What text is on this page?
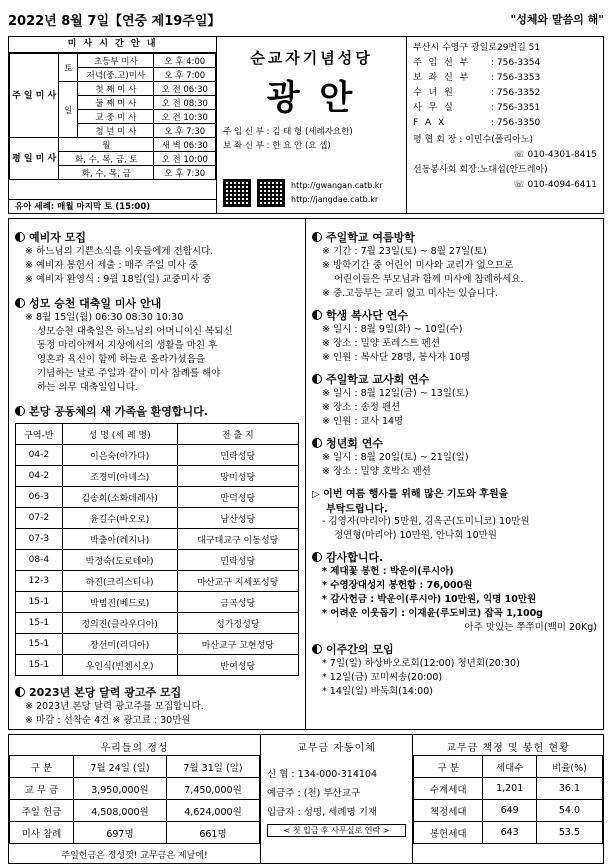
2022년 8월 7일【연중 제19주일】	"성체와 말씀의 해"
미 사 시 간 안 내
주 일 미 사	토	초등부 미사	오 후 4:00
		저녁(중.고)미사	오 후 7:00
	일	첫 째 미 사	오 전 06:30
		둘 째 미 사	오 전 08:30
		교 중 미 사	오 전 10:30
		청 년 미 사	오 후 7:30
평 일 미 사	월		새 벽 06:30
	화, 수, 목, 금, 토		오 전 10:00
	화, 수, 목, 금		오 후 7:30
유아 세례: 매월 마지막 토 (15:00)
순교자기념성당
광 안
주 임 신 부 : 김 태 형 (세례자요한)
보 좌 신 부 : 한 요 안 (요 셉)
http://gwangan.catb.kr
http://jangdae.catb.kr
부산시 수영구 광일로29번길 51
주 임 신 부	: 756-3354
보 좌 신 부	: 756-3353
수 녀 원	: 756-3352
사 무 실	: 756-3351
F A X	: 756-3350
평 협 회 장 : 이민수(폴리아노)
☏ 010-4301-8415
선동봉사회 회장:노대섭(안드레아)
☏ 010-4094-6411
예비자 모집
※ 하느님의 기쁜소식을 이웃들에게 전합시다.
※ 예비자 봉헌서 제출 : 매주 주일 미사 중
※ 예비자 환영식 : 9월 18일(일) 교중미사 중
성모 승천 대축일 미사 안내
※ 8월 15일(월) 06:30 08:30 10:30
성모승천 대축일은 하느님의 어머니이신 복되신
동정 마리아께서 지상에서의 생활을 마친 후
영혼과 육신이 함께 하늘로 올라가셨음을
기념하는 날로 주일과 같이 미사 참례를 해야
하는 의무 대축일입니다.
본당 공동체의 새 가족을 환영합니다.
구역-반	성 명 (세 례 명)	전 출 지
04-2	이은숙(아가다)	민락성당
04-2	조경미(아녜스)	망미성당
06-3	김송희(소화데레사)	만덕성당
07-2	윤길수(바오로)	남산성당
07-3	박출아(레지나)	대구대교구 이동성당
08-4	박정숙(도로테아)	민락성당
12-3	하진(크리스티나)	마산교구 지세포성당
15-1	박범진(베드로)	금곡성당
15-1	정의진(클라우디아)	성가정성당
15-1	장선미(리디아)	마산교구 고현성당
15-1	우인식(빈첸시오)	반여성당
2023년 본당 달력 광고주 모집
※ 2023년 본당 달력 광고주를 모집합니다.
※ 마감 : 선착순 4건 ※ 광고료 : 30만원
주일학교 여름방학
※ 기간 : 7월 23일(토) ~ 8월 27일(토)
※ 방학기간 중 어린이 미사와 교리가 없으므로
어린이들은 부모님과 함께 미사에 참례하세요.
※ 중.고등부는 교리 없고 미사는 있습니다.
학생 복사단 연수
※ 일시 : 8월 9일(화) ~ 10일(수)
※ 장소 : 밀양 포레스트 펜션
※ 인원 : 복사단 28명, 봉사자 10명
주일학교 교사회 연수
※ 일시 : 8월 12일(금) ~ 13일(토)
※ 장소 : 송정 펜션
※ 인원 : 교사 14명
청년회 연수
※ 일시 : 8월 20일(토) ~ 21일(일)
※ 장소 : 밀양 호박소 펜션
▷ 이번 여름 행사를 위해 많은 기도와 후원을
부탁드립니다.
- 김영자(마리아) 5만원, 김옥곤(도미니코) 10만원
정연형(마리아) 10만원, 안나회 10만원
감사합니다.
* 제대꽃 봉헌 : 박운이(루시아)
* 수영장대성지 봉헌함 : 76,000원
* 감사헌금 : 박운이(루시아) 10만원, 익명 10만원
* 어려운 이웃돕기 : 이재윤(루도비코) 잡곡 1,100g
아주 맛있는 쭈쭈미(백미 20Kg)
이주간의 모임
* 7일(일) 하상바오로회(12:00) 청년회(20:30)
* 12일(금) 꼬미씨송(20:00)
* 14일(일) 바둑회(14:00)
우리들의 정성
구 분	7월 24일 (일)	7월 31일 (일)
교 무 금	3,950,000원	7,450,000원
주일 헌금	4,508,000원	4,624,000원
미사 참례	697명	661명
주일헌금은 정성껏! 교무금은 제날에!
교무금 자동이체
신 협 : 134-000-314104
예금주 : (천) 부산교구
입금자 : 성명, 세례명 기재
< 첫 입금 후 사무실로 연락 >
교무금 책정 및 봉헌 현황
구 분	세대수	비율(%)
수계세대	1,201	36.1
책정세대	649	54.0
봉헌세대	643	53.5
